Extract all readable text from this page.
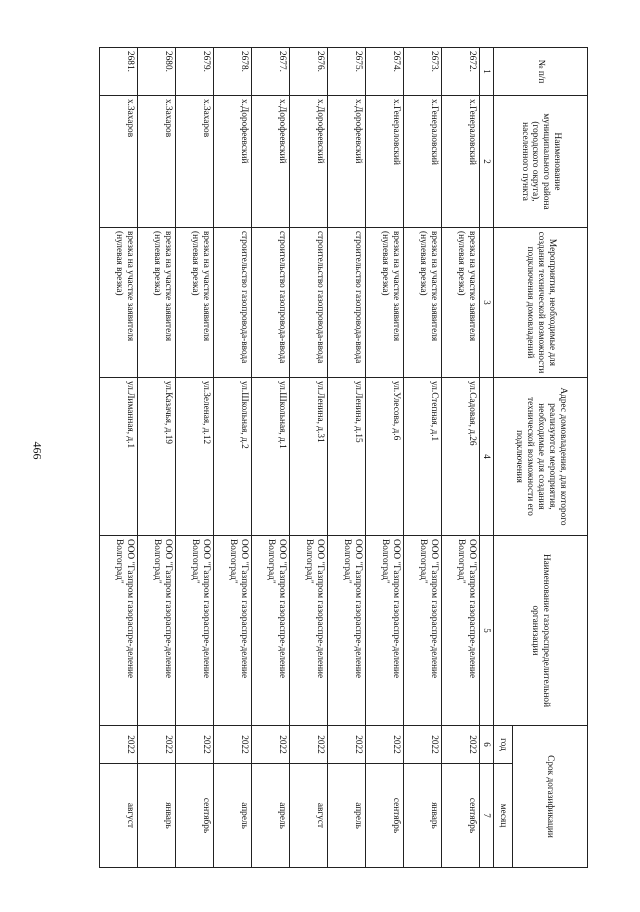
466
№ п/п	Наименование муниципального района (городского округа), населенного пункта	Мероприятия, необходимые для создания технической возможности подключения домовладений	Адрес домовладения, для которого реализуются мероприятия, необходимые для создания технической возможности его подключения	Наименование газораспределительной организации	Срок догазификации	
					год	месяц
1	2	3	4	5	6	7
2672.	х.Генераловский	врезка на участке заявителя (нулевая врезка)	ул.Садовая, д.26	ООО "Газпром газораспре-деление Волгоград"	2022	сентябрь
2673.	х.Генераловский	врезка на участке заявителя (нулевая врезка)	ул.Степная, д.1	ООО "Газпром газораспре-деление Волгоград"	2022	январь
2674.	х.Генераловский	врезка на участке заявителя (нулевая врезка)	ул.Улесова, д.6	ООО "Газпром газораспре-деление Волгоград"	2022	сентябрь
2675.	х.Дорофеевский	строительство газопровода-ввода	ул.Ленина, д.15	ООО "Газпром газораспре-деление Волгоград"	2022	апрель
2676.	х.Дорофеевский	строительство газопровода-ввода	ул.Ленина, д.31	ООО "Газпром газораспре-деление Волгоград"	2022	август
2677.	х.Дорофеевский	строительство газопровода-ввода	ул.Школьная, д.1	ООО "Газпром газораспре-деление Волгоград"	2022	апрель
2678.	х.Дорофеевский	строительство газопровода-ввода	ул.Школьная, д.2	ООО "Газпром газораспре-деление Волгоград"	2022	апрель
2679.	х.Захаров	врезка на участке заявителя (нулевая врезка)	ул.Зеленая, д.12	ООО "Газпром газораспре-деление Волгоград"	2022	сентябрь
2680.	х.Захаров	врезка на участке заявителя (нулевая врезка)	ул.Казачья, д.19	ООО "Газпром газораспре-деление Волгоград"	2022	январь
2681.	х.Захаров	врезка на участке заявителя (нулевая врезка)	ул.Лиманная, д.1	ООО "Газпром газораспре-деление Волгоград"	2022	август
